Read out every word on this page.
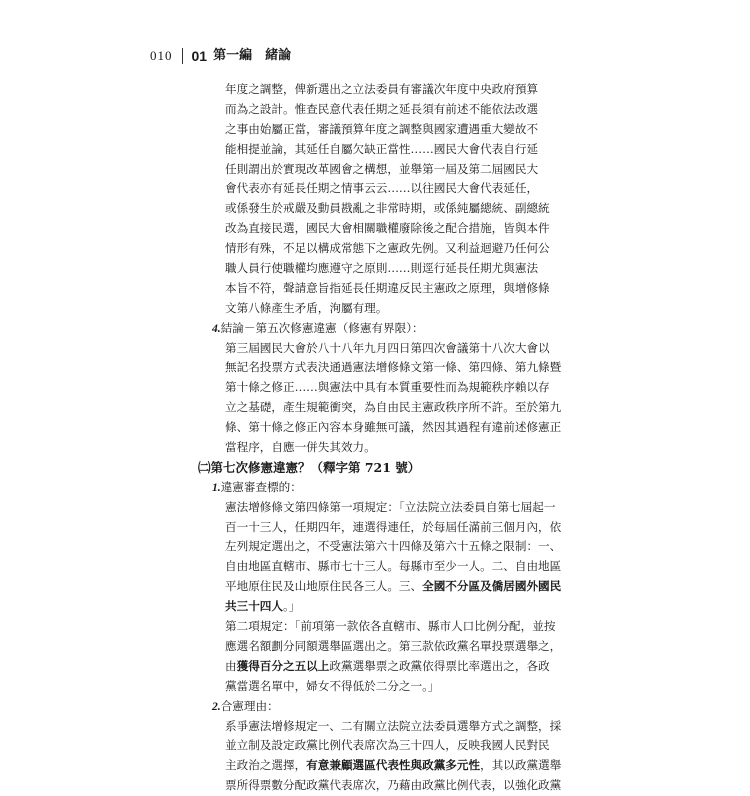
010 01 第一編　緒論
年度之調整，俾新選出之立法委員有審議次年度中央政府預算
而為之設計。惟查民意代表任期之延長須有前述不能依法改選
之事由始屬正當，審議預算年度之調整與國家遭遇重大變故不
能相提並論，其延任自屬欠缺正當性……國民大會代表自行延
任則謂出於實現改革國會之構想，並舉第一屆及第二屆國民大
會代表亦有延長任期之情事云云……以往國民大會代表延任，
或係發生於戒嚴及動員戡亂之非常時期，或係純屬總統、副總統
改為直接民選，國民大會相關職權廢除後之配合措施，皆與本件
情形有殊，不足以構成常態下之憲政先例。又利益迴避乃任何公
職人員行使職權均應遵守之原則……則逕行延長任期尤與憲法
本旨不符，聲請意旨指延長任期違反民主憲政之原理，與增修條
文第八條產生矛盾，洵屬有理。
4.結論－第五次修憲違憲（修憲有界限）：
第三屆國民大會於八十八年九月四日第四次會議第十八次大會以
無記名投票方式表決通過憲法增修條文第一條、第四條、第九條暨
第十條之修正……與憲法中具有本質重要性而為規範秩序賴以存
立之基礎，產生規範衝突，為自由民主憲政秩序所不許。至於第九
條、第十條之修正內容本身雖無可議，然因其過程有違前述修憲正
當程序，自應一併失其效力。
㈡第七次修憲違憲？（釋字第 721 號）
1.違憲審查標的：
憲法增修條文第四條第一項規定：「立法院立法委員自第七屆起一
百一十三人，任期四年，連選得連任，於每屆任滿前三個月內，依
左列規定選出之，不受憲法第六十四條及第六十五條之限制：一、
自由地區直轄市、縣市七十三人。每縣市至少一人。二、自由地區
平地原住民及山地原住民各三人。三、全國不分區及僑居國外國民
共三十四人。」
第二項規定：「前項第一款依各直轄市、縣市人口比例分配，並按
應選名額劃分同額選舉區選出之。第三款依政黨名單投票選舉之，
由獲得百分之五以上政黨選舉票之政黨依得票比率選出之，各政
黨當選名單中，婦女不得低於二分之一。」
2.合憲理由：
系爭憲法增修規定一、二有關立法院立法委員選舉方式之調整，採
並立制及設定政黨比例代表席次為三十四人，反映我國人民對民
主政治之選擇，有意兼顧選區代表性與政黨多元性，其以政黨選舉
票所得票數分配政黨代表席次，乃藉由政黨比例代表，以強化政黨
